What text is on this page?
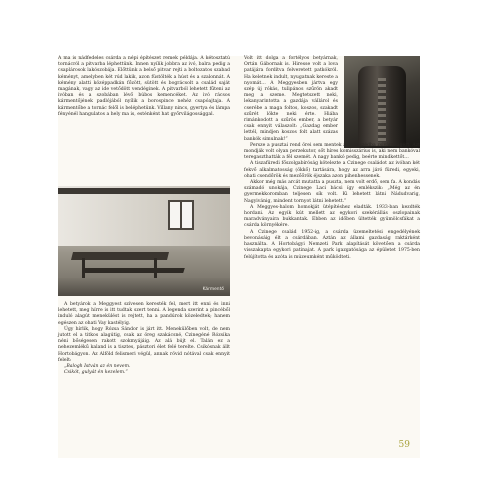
A ma is nádfedeles csárda a népi építészet remek példája. A kétosztatú tornácról a pitvarba léphettünk. Innen nyílik jobbra az ivó, balra pedig a csaplárosok lakószobája. Előttünk a belső pitvar rejti a boltozatos szabad kéményt, amelyben két rúd lakik, azon füstölték a húst és a szalonnát. A kémény alatti középpadkán főzött, sütött és bográcsolt a család saját magának, vagy az ide vetődött vendéginek. A pitvarból lehetett fűteni az ivóban és a szobában lévő búbos kemencéket. Az ivó rácsos kármentőjének padlójából nyílik a borospince nehéz csapóajtaja. A kármentőbe a tornác felől is beléphetünk. Villany nincs, gyertya és lámpa fényénél hangulatos a hely ma is, esténként hat győrvilágossággal.

Kármentő

A betyárok a Meggyest szívesen keresték fel, mert itt enni és inni lehetett, meg hírre is itt tudtak szert tenni. A legenda szerint a pincéből induló alagút menekülést is rejtett, ha a pandúrok közeledtek; hanem egészen az ohati Vay kastélyig.

Úgy hírlik, hogy Rózsa Sándor is járt itt. Menekülőben volt, de nem jutott el a titkos alagútig, csak az öreg szakácsné, Czinegéné Rózsika néni bőségesen rakott szokmyájáig. Az alá bújt el. Talán ez a nehezemlékű kaland is a tisztes, pásztori élet felé terelte. Csikósnak állt Hortobágyon. Az Alföld felismeri végül, annak rövid nótával csak ennyit felelt:

„Balogh István az én nevem.

Csikót, gulyát én kezelem.”

Volt itt dolga a fortélyos betyárnak, Ortán Gábornak is. Hiresse volt a lova patájára fordítva felveretett patkókról. Ha keletnek indult, nyugatnak kereste a nyomát… A Meggyesben jártva egy szép új rókás, tulipános szűrön akadt meg a szeme. Megtetszett neki, lekanyarintotta a gazdája vállárol és cserébe a maga foltos, koszos, szakadt szűrét lökte neki érte. Hiába rimánkodott a szűrös ember, a betyár csak ennyit válaszolt: „Gazdag ember lettél, mindjen koszos folt alatt százas bankók simulnak!”

Persze a pusztai rend örei sem mentek a szomszédba zsiványságért. Azt mondják volt olyan perzekutor, sőt híres komisszárius is, aki nem bankóval teregaszthatták a fél szemét. A nagy bankó pedig, beérte mindkettőt…

A tiszafüredi főszolgabíróság kötelezte a Czinege családot az ivóban két fekvő alkalmatosság (ökkő) tartására, hogy az arra járó füredi, egyeki, ohati csendőrök és mezőőrök éjszaka azon pihenhessenek.

Akkor még más arcát mutatta a puszta, nem volt erdő, sem fa. A kondás számadó unokája, Czinege Laci bácsi így emlékszik: „Még az én gyermekkoromban teljesen sík volt. Ki lehetett látni Nádudvarig, Nagyivánig, mindent tornyot látni lehetett.”

A Meggyes-halom homokját ütépítéshez eladták. 1933-ban kezdték hordani. Az egyik kút mellett az egykori szekérállás oszlopainak maradványaira bukkantak. Ebben az időben ültették gyümölcsfákat a csárda környékére.

A Czinege család 1952-ig, a csárda üzemeltetési engedélyének bevonásáig élt a csárdában. Aztán az állami gazdaság raktárként használta. A Hortobágyi Nemzeti Park alapítását követően a csárda visszakapta egykori patinajat. A park igazgatósága az épületet 1975-ben felújította és azóta is múzeumként működteti.

59
